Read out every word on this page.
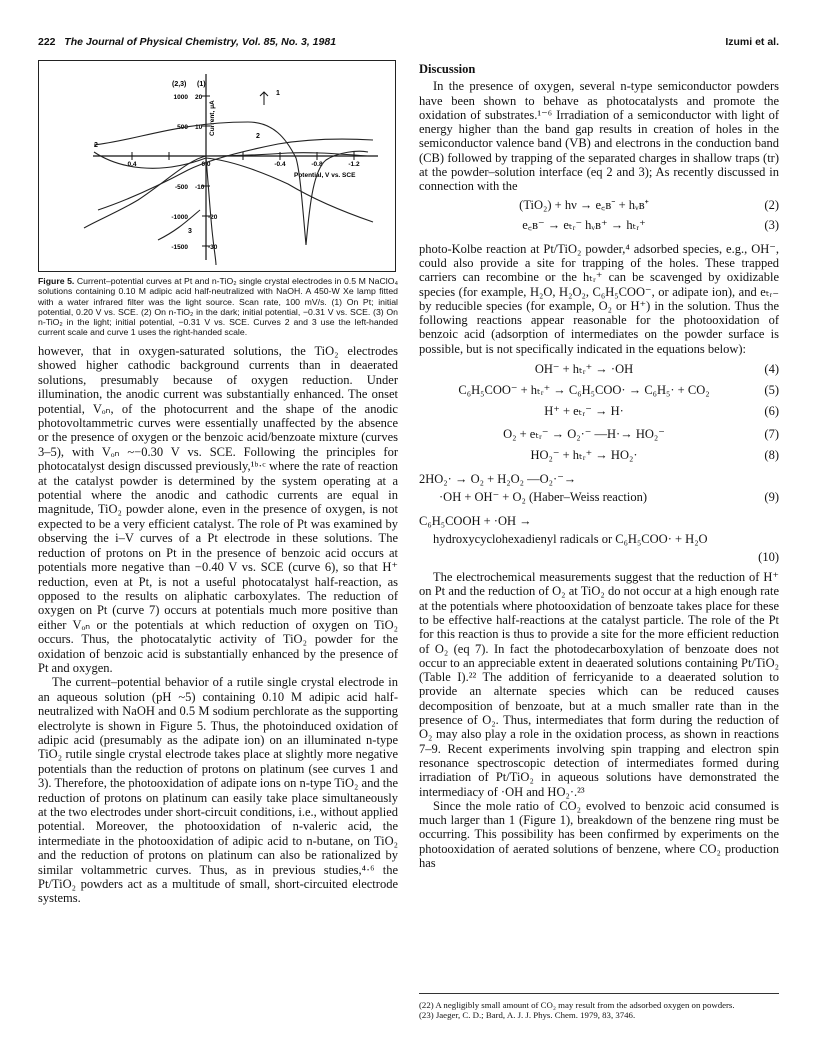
222 The Journal of Physical Chemistry, Vol. 85, No. 3, 1981	Izumi et al.
(2,3) (1)
1000
500
-500
-1000
-1500
20
10
-10
-20
-30
0.4	0.0	-0.4	-0.8	-1.2
Potential, V vs. SCE
Current, μA
1
2
2
3
Figure 5. Current–potential curves at Pt and n-TiO₂ single crystal electrodes in 0.5 M NaClO₄ solutions containing 0.10 M adipic acid half-neutralized with NaOH. A 450-W Xe lamp fitted with a water infrared filter was the light source. Scan rate, 100 mV/s. (1) On Pt; initial potential, 0.20 V vs. SCE. (2) On n-TiO₂ in the dark; initial potential, −0.31 V vs. SCE. (3) On n-TiO₂ in the light; initial potential, −0.31 V vs. SCE. Curves 2 and 3 use the left-handed current scale and curve 1 uses the right-handed scale.

however, that in oxygen-saturated solutions, the TiO₂ electrodes showed higher cathodic background currents than in deaerated solutions, presumably because of oxygen reduction. Under illumination, the anodic current was substantially enhanced. The onset potential, Vₒₙ, of the photocurrent and the shape of the anodic photovoltammetric curves were essentially unaffected by the absence or the presence of oxygen or the benzoic acid/benzoate mixture (curves 3–5), with Vₒₙ ~−0.30 V vs. SCE. Following the principles for photocatalyst design discussed previously,¹ᵇ·ᶜ where the rate of reaction at the catalyst powder is determined by the system operating at a potential where the anodic and cathodic currents are equal in magnitude, TiO₂ powder alone, even in the presence of oxygen, is not expected to be a very efficient catalyst. The role of Pt was examined by observing the i–V curves of a Pt electrode in these solutions. The reduction of protons on Pt in the presence of benzoic acid occurs at potentials more negative than −0.40 V vs. SCE (curve 6), so that H⁺ reduction, even at Pt, is not a useful photocatalyst half-reaction, as opposed to the results on aliphatic carboxylates. The reduction of oxygen on Pt (curve 7) occurs at potentials much more positive than either Vₒₙ or the potentials at which reduction of oxygen on TiO₂ occurs. Thus, the photocatalytic activity of TiO₂ powder for the oxidation of benzoic acid is substantially enhanced by the presence of Pt and oxygen.

The current–potential behavior of a rutile single crystal electrode in an aqueous solution (pH ~5) containing 0.10 M adipic acid half-neutralized with NaOH and 0.5 M sodium perchlorate as the supporting electrolyte is shown in Figure 5. Thus, the photoinduced oxidation of adipic acid (presumably as the adipate ion) on an illuminated n-type TiO₂ rutile single crystal electrode takes place at slightly more negative potentials than the reduction of protons on platinum (see curves 1 and 3). Therefore, the photooxidation of adipate ions on n-type TiO₂ and the reduction of protons on platinum can easily take place simultaneously at the two electrodes under short-circuit conditions, i.e., without applied potential. Moreover, the photooxidation of n-valeric acid, the intermediate in the photooxidation of adipic acid to n-butane, on TiO₂ and the reduction of protons on platinum can also be rationalized by similar voltammetric curves. Thus, as in previous studies,⁴·⁶ the Pt/TiO₂ powders act as a multitude of small, short-circuited electrode systems.

Discussion

In the presence of oxygen, several n-type semiconductor powders have been shown to behave as photocatalysts and promote the oxidation of substrates.¹⁻⁶ Irradiation of a semiconductor with light of energy higher than the band gap results in creation of holes in the semiconductor valence band (VB) and electrons in the conduction band (CB) followed by trapping of the separated charges in shallow traps (tr) at the powder–solution interface (eq 2 and 3); As recently discussed in connection with the

(TiO₂) + hν → e꜀ʙ⁻ + hᵥʙ⁺	(2)
e꜀ʙ⁻ → eₜᵣ⁻ hᵥʙ⁺ → hₜᵣ⁺	(3)

photo-Kolbe reaction at Pt/TiO₂ powder,⁴ adsorbed species, e.g., OH⁻, could also provide a site for trapping of the holes. These trapped carriers can recombine or the hₜᵣ⁺ can be scavenged by oxidizable species (for example, H₂O, H₂O₂, C₆H₅COO⁻, or adipate ion), and eₜᵣ₋ by reducible species (for example, O₂ or H⁺) in the solution. Thus the following reactions appear reasonable for the photooxidation of benzoic acid (adsorption of intermediates on the powder surface is possible, but is not specifically indicated in the equations below):

OH⁻ + hₜᵣ⁺ → ·OH	(4)
C₆H₅COO⁻ + hₜᵣ⁺ → C₆H₅COO· → C₆H₅· + CO₂	(5)
H⁺ + eₜᵣ⁻ → H·	(6)
O₂ + eₜᵣ⁻ → O₂·⁻ —H·→ HO₂⁻	(7)
HO₂⁻ + hₜᵣ⁺ → HO₂·	(8)
2HO₂· → O₂ + H₂O₂ —O₂·⁻→
·OH + OH⁻ + O₂ (Haber–Weiss reaction)	(9)
C₆H₅COOH + ·OH →
hydroxycyclohexadienyl radicals or C₆H₅COO· + H₂O
(10)

The electrochemical measurements suggest that the reduction of H⁺ on Pt and the reduction of O₂ at TiO₂ do not occur at a high enough rate at the potentials where photooxidation of benzoate takes place for these to be effective half-reactions at the catalyst particle. The role of the Pt for this reaction is thus to provide a site for the more efficient reduction of O₂ (eq 7). In fact the photodecarboxylation of benzoate does not occur to an appreciable extent in deaerated solutions containing Pt/TiO₂ (Table I).²² The addition of ferricyanide to a deaerated solution to provide an alternate species which can be reduced causes decomposition of benzoate, but at a much smaller rate than in the presence of O₂. Thus, intermediates that form during the reduction of O₂ may also play a role in the oxidation process, as shown in reactions 7–9. Recent experiments involving spin trapping and electron spin resonance spectroscopic detection of intermediates formed during irradiation of Pt/TiO₂ in aqueous solutions have demonstrated the intermediacy of ·OH and HO₂·.²³

Since the mole ratio of CO₂ evolved to benzoic acid consumed is much larger than 1 (Figure 1), breakdown of the benzene ring must be occurring. This possibility has been confirmed by experiments on the photooxidation of aerated solutions of benzene, where CO₂ production has

(22) A negligibly small amount of CO₂ may result from the adsorbed oxygen on powders.
(23) Jaeger, C. D.; Bard, A. J. J. Phys. Chem. 1979, 83, 3746.
